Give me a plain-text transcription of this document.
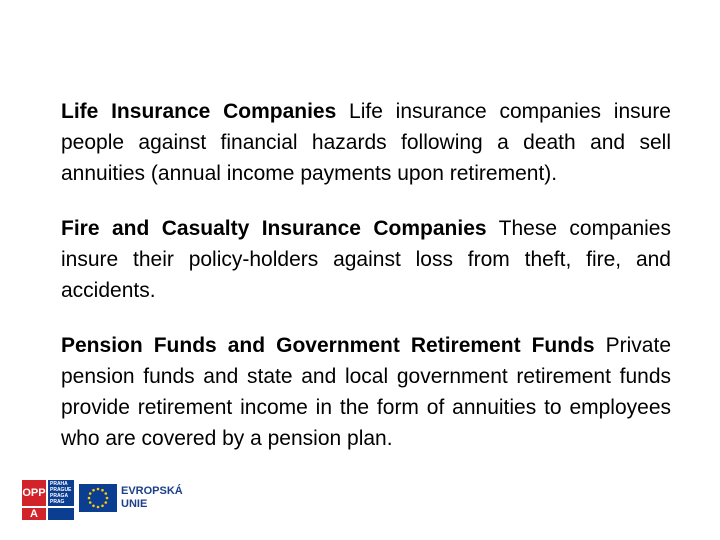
Life Insurance Companies Life insurance companies insure people against financial hazards following a death and sell annuities (annual income payments upon retirement).

Fire and Casualty Insurance Companies These companies insure their policy-holders against loss from theft, fire, and accidents.

Pension Funds and Government Retirement Funds Private pension funds and state and local government retirement funds provide retirement income in the form of annuities to employees who are covered by a pension plan.

OPP
PRAHA PRAGUE PRAGA PRAG
A
EVROPSKÁ
UNIE
